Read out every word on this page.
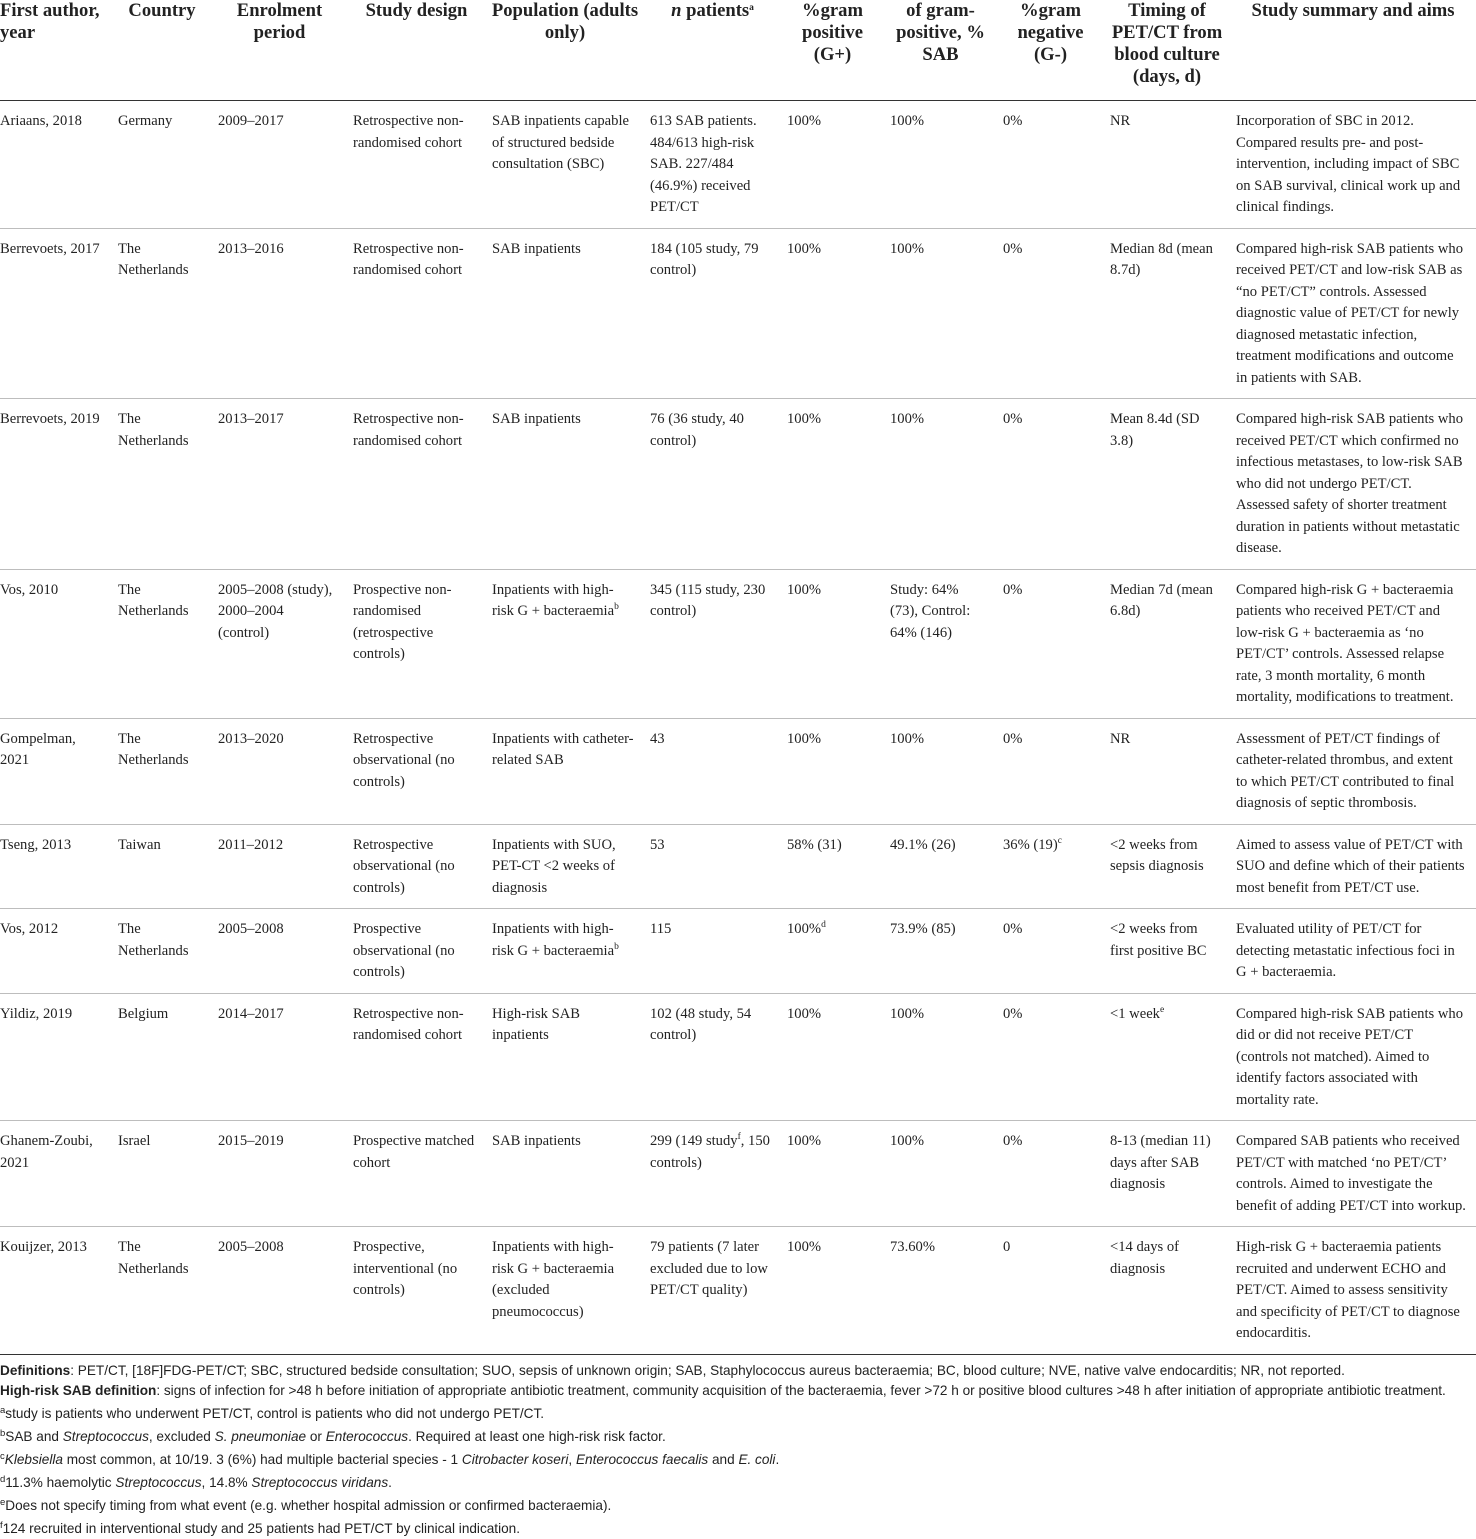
First author, year	Country	Enrolment period	Study design	Population (adults only)	n patients$^a$	%gram positive (G+)	of gram-positive, % SAB	%gram negative (G-)	Timing of PET/CT from blood culture (days, d)	Study summary and aims
Ariaans, 2018	Germany	2009–2017	Retrospective non-randomised cohort	SAB inpatients capable of structured bedside consultation (SBC)	613 SAB patients. 484/613 high-risk SAB. 227/484 (46.9%) received PET/CT	100%	100%	0%	NR	Incorporation of SBC in 2012. Compared results pre- and post-intervention, including impact of SBC on SAB survival, clinical work up and clinical findings.
Berrevoets, 2017	The Netherlands	2013–2016	Retrospective non-randomised cohort	SAB inpatients	184 (105 study, 79 control)	100%	100%	0%	Median 8d (mean 8.7d)	Compared high-risk SAB patients who received PET/CT and low-risk SAB as “no PET/CT” controls. Assessed diagnostic value of PET/CT for newly diagnosed metastatic infection, treatment modifications and outcome in patients with SAB.
Berrevoets, 2019	The Netherlands	2013–2017	Retrospective non-randomised cohort	SAB inpatients	76 (36 study, 40 control)	100%	100%	0%	Mean 8.4d (SD 3.8)	Compared high-risk SAB patients who received PET/CT which confirmed no infectious metastases, to low-risk SAB who did not undergo PET/CT. Assessed safety of shorter treatment duration in patients without metastatic disease.
Vos, 2010	The Netherlands	2005–2008 (study), 2000–2004 (control)	Prospective non-randomised (retrospective controls)	Inpatients with high-risk G + bacteraemia$^b$	345 (115 study, 230 control)	100%	Study: 64% (73), Control: 64% (146)	0%	Median 7d (mean 6.8d)	Compared high-risk G + bacteraemia patients who received PET/CT and low-risk G + bacteraemia as ‘no PET/CT’ controls. Assessed relapse rate, 3 month mortality, 6 month mortality, modifications to treatment.
Gompelman, 2021	The Netherlands	2013–2020	Retrospective observational (no controls)	Inpatients with catheter-related SAB	43	100%	100%	0%	NR	Assessment of PET/CT findings of catheter-related thrombus, and extent to which PET/CT contributed to final diagnosis of septic thrombosis.
Tseng, 2013	Taiwan	2011–2012	Retrospective observational (no controls)	Inpatients with SUO, PET-CT <2 weeks of diagnosis	53	58% (31)	49.1% (26)	36% $(19)^c$	<2 weeks from sepsis diagnosis	Aimed to assess value of PET/CT with SUO and define which of their patients most benefit from PET/CT use.
Vos, 2012	The Netherlands	2005–2008	Prospective observational (no controls)	Inpatients with high-risk G + bacteraemia$^b$	115	100%$^d$	73.9% (85)	0%	<2 weeks from first positive BC	Evaluated utility of PET/CT for detecting metastatic infectious foci in G + bacteraemia.
Yildiz, 2019	Belgium	2014–2017	Retrospective non-randomised cohort	High-risk SAB inpatients	102 (48 study, 54 control)	100%	100%	0%	<1 week$^e$	Compared high-risk SAB patients who did or did not receive PET/CT (controls not matched). Aimed to identify factors associated with mortality rate.
Ghanem-Zoubi, 2021	Israel	2015–2019	Prospective matched cohort	SAB inpatients	299 (149 study$^f$, 150 controls)	100%	100%	0%	8-13 (median 11) days after SAB diagnosis	Compared SAB patients who received PET/CT with matched ‘no PET/CT’ controls. Aimed to investigate the benefit of adding PET/CT into workup.
Kouijzer, 2013	The Netherlands	2005–2008	Prospective, interventional (no controls)	Inpatients with high-risk G + bacteraemia (excluded pneumococcus)	79 patients (7 later excluded due to low PET/CT quality)	100%	73.60%	0	<14 days of diagnosis	High-risk G + bacteraemia patients recruited and underwent ECHO and PET/CT. Aimed to assess sensitivity and specificity of PET/CT to diagnose endocarditis.
Definitions: PET/CT, [18F]FDG-PET/CT; SBC, structured bedside consultation; SUO, sepsis of unknown origin; SAB, Staphylococcus aureus bacteraemia; BC, blood culture; NVE, native valve endocarditis; NR, not reported.
High-risk SAB definition: signs of infection for >48 h before initiation of appropriate antibiotic treatment, community acquisition of the bacteraemia, fever >72 h or positive blood cultures >48 h after initiation of appropriate antibiotic treatment.
$^a$study is patients who underwent PET/CT, control is patients who did not undergo PET/CT.
$^b$SAB and Streptococcus, excluded S. pneumoniae or Enterococcus. Required at least one high-risk risk factor.
$^c$Klebsiella most common, at 10/19. 3 (6%) had multiple bacterial species - 1 Citrobacter koseri, Enterococcus faecalis and E. coli.
$^d$11.3% haemolytic Streptococcus, 14.8% Streptococcus viridans.
$^e$Does not specify timing from what event (e.g. whether hospital admission or confirmed bacteraemia).
$^f$124 recruited in interventional study and 25 patients had PET/CT by clinical indication.
